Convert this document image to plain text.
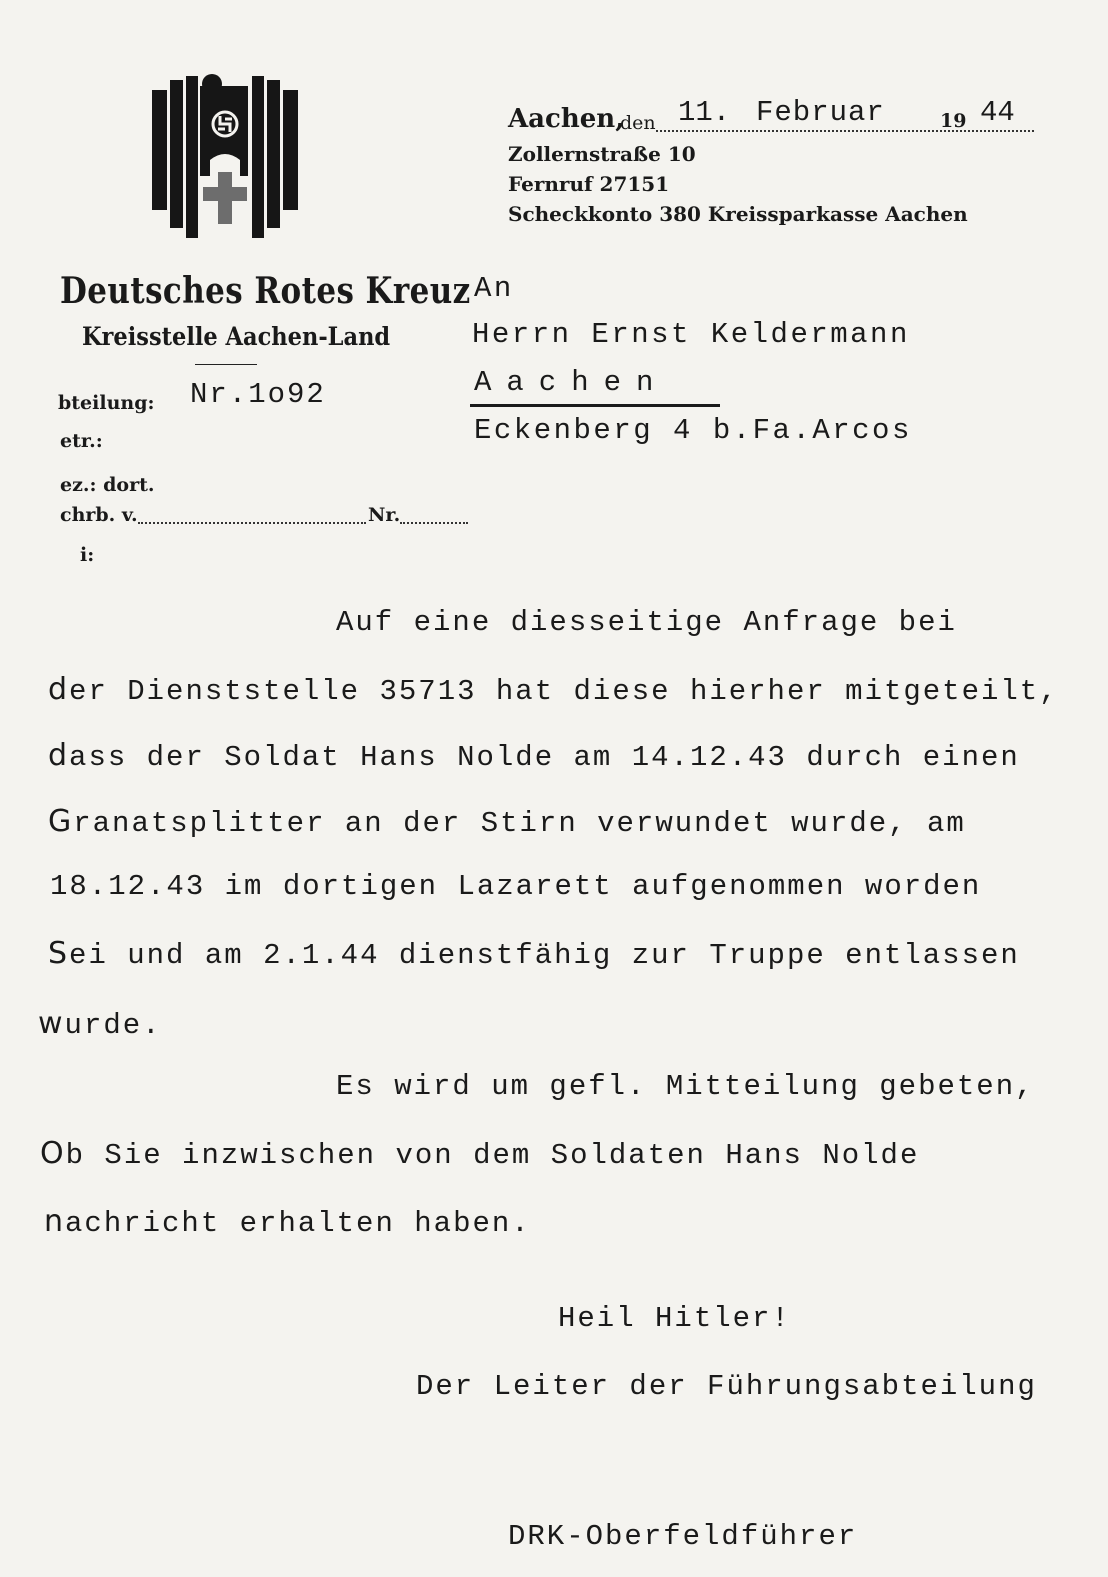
Deutsches Rotes Kreuz
Kreisstelle Aachen-Land
bteilung: Nr.1o92
etr.:
ez.: dort.
chrb. v.	Nr.
i:
Aachen,
den 11. Februar	19 44
Zollernstraße 10
Fernruf 27151
Scheckkonto 380 Kreissparkasse Aachen
An
Herrn Ernst Keldermann
Aachen
Eckenberg 4 b.Fa.Arcos
Auf eine diesseitige Anfrage bei
der Dienststelle 35713 hat diese hierher mitgeteilt,
dass der Soldat Hans Nolde am 14.12.43 durch einen
Granatsplitter an der Stirn verwundet wurde, am
18.12.43 im dortigen Lazarett aufgenommen worden
Sei und am 2.1.44 dienstfähig zur Truppe entlassen
wurde.
Es wird um gefl. Mitteilung gebeten,
Ob Sie inzwischen von dem Soldaten Hans Nolde
nachricht erhalten haben.
Heil Hitler!
Der Leiter der Führungsabteilung
DRK-Oberfeldführer
